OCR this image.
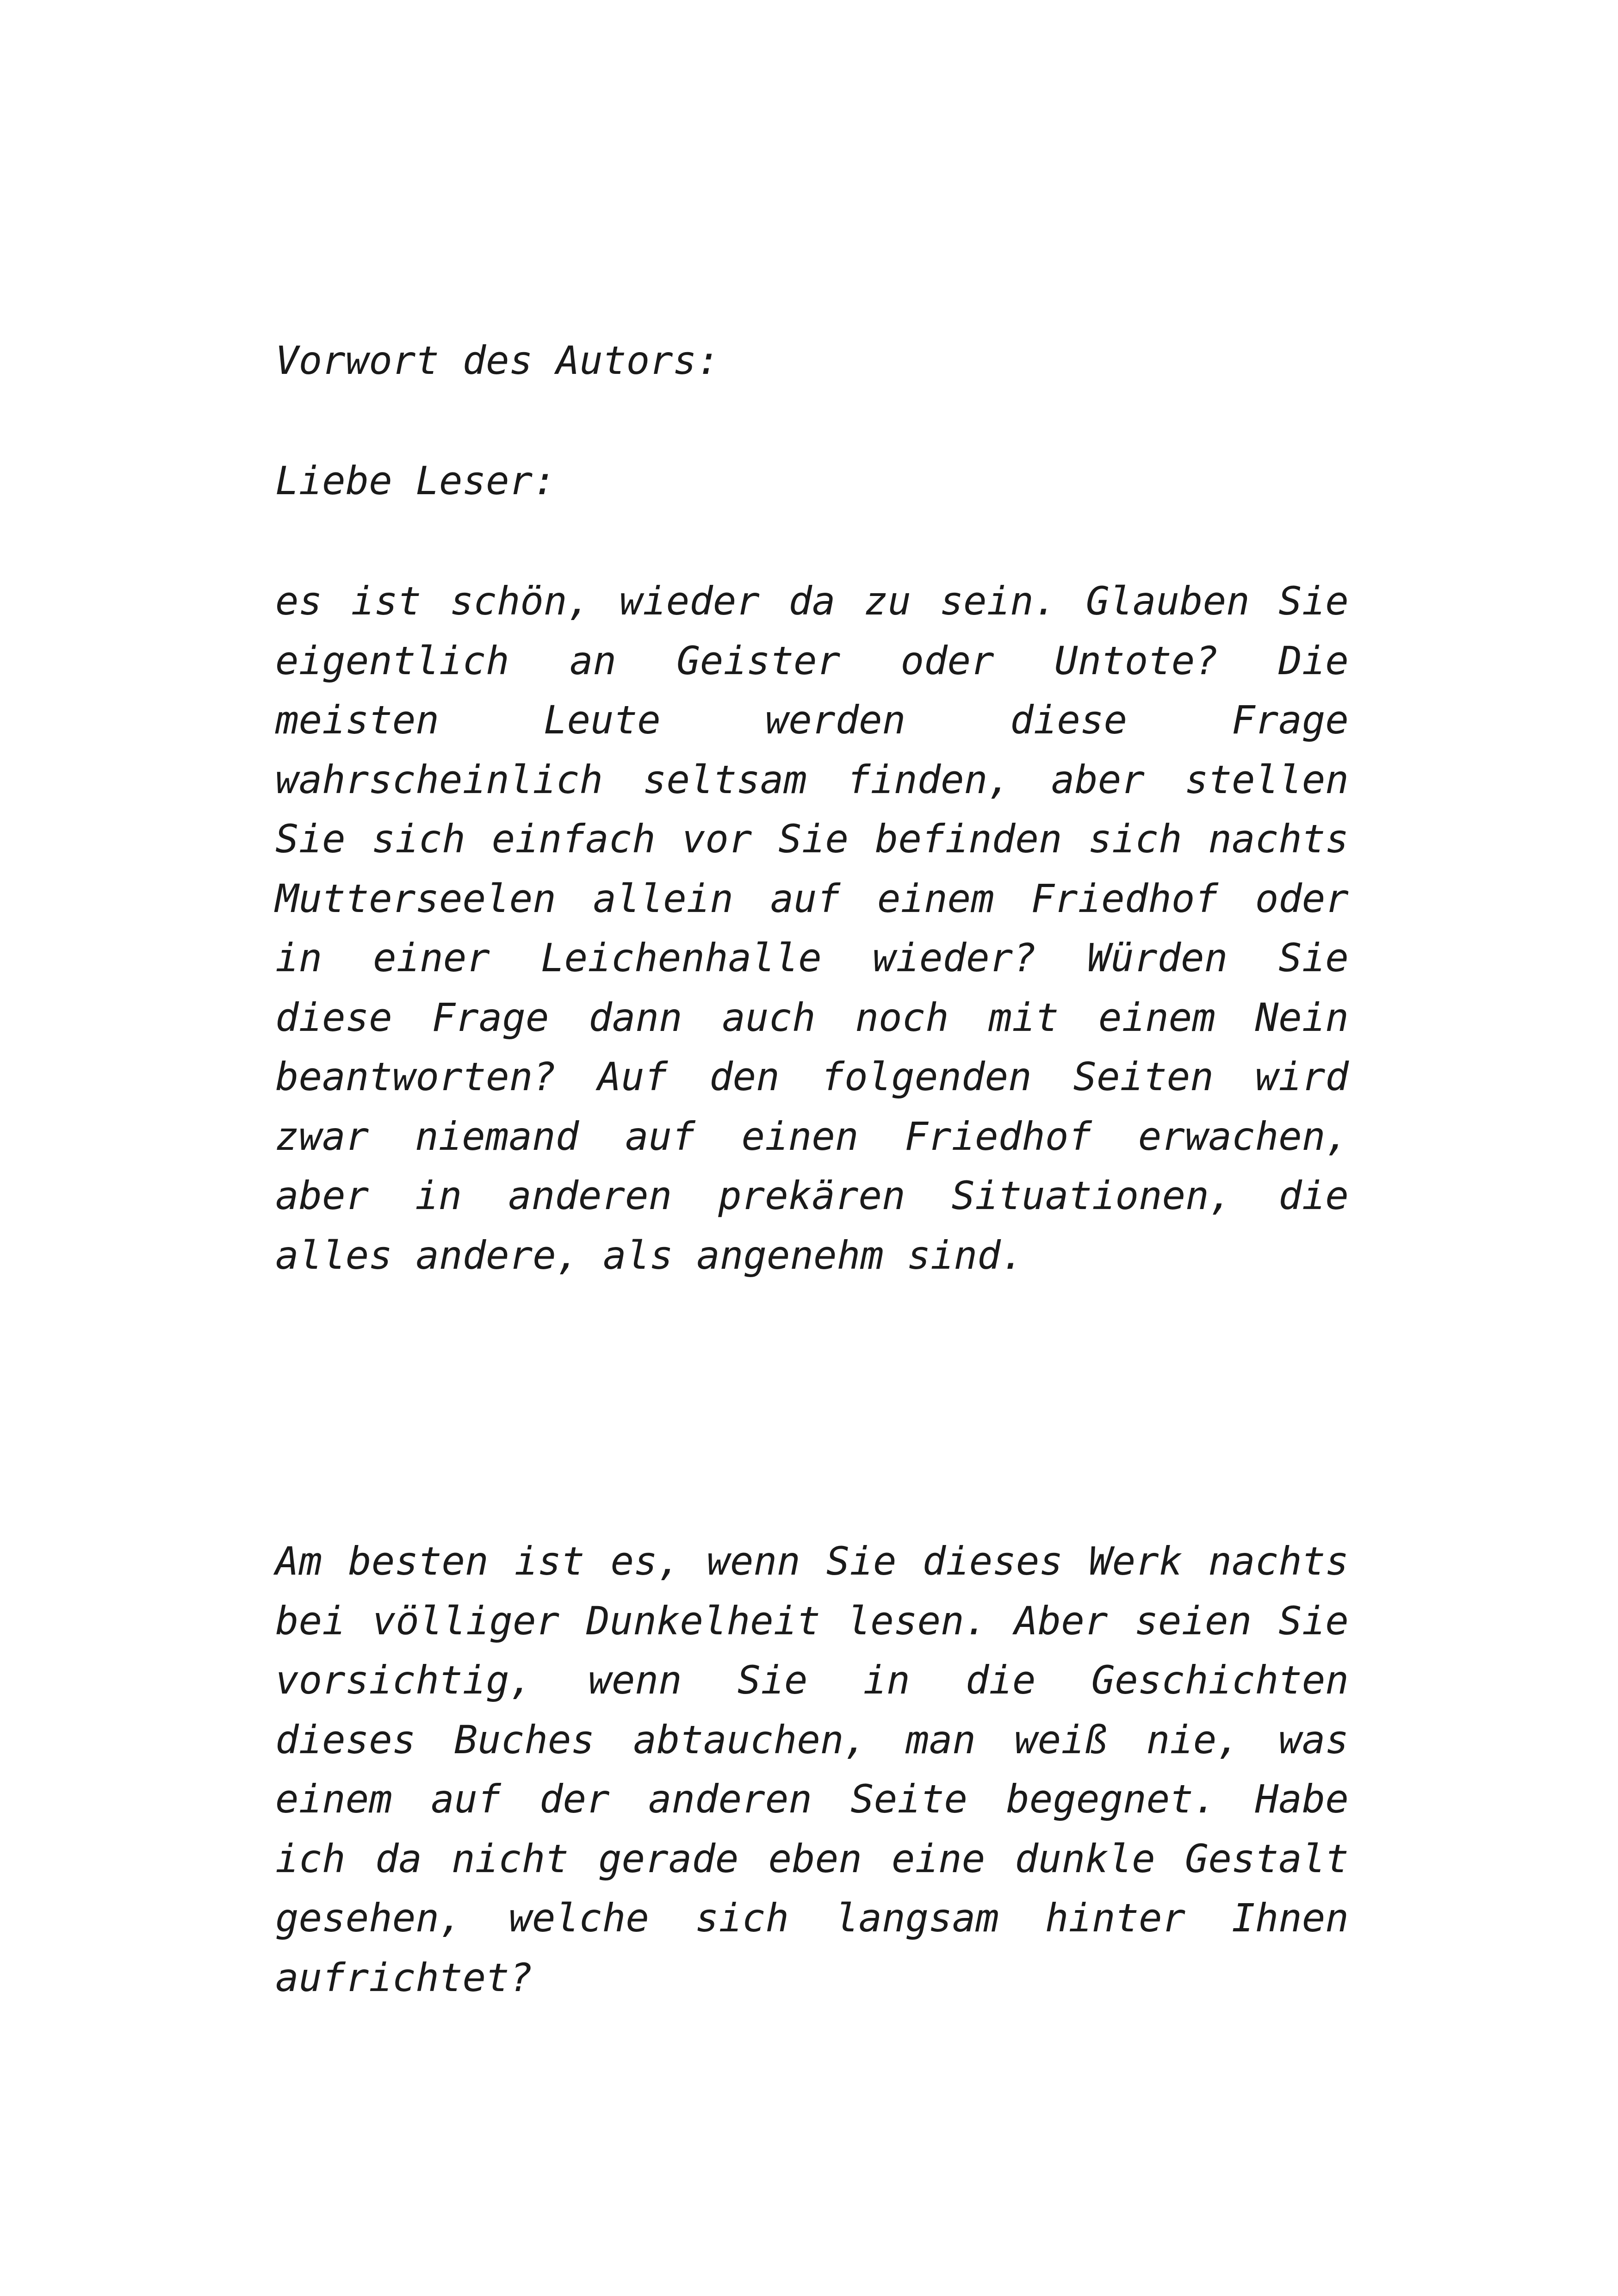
Vorwort des Autors:
Liebe Leser:
es ist schön, wieder da zu sein. Glauben Sie eigentlich an Geister oder Untote? Die meisten Leute werden diese Frage wahrscheinlich seltsam finden, aber stellen Sie sich einfach vor Sie befinden sich nachts Mutterseelen allein auf einem Friedhof oder in einer Leichenhalle wieder? Würden Sie diese Frage dann auch noch mit einem Nein beantworten? Auf den folgenden Seiten wird zwar niemand auf einen Friedhof erwachen, aber in anderen prekären Situationen, die alles andere, als angenehm sind.
Am besten ist es, wenn Sie dieses Werk nachts bei völliger Dunkelheit lesen. Aber seien Sie vorsichtig, wenn Sie in die Geschichten dieses Buches abtauchen, man weiß nie, was einem auf der anderen Seite begegnet. Habe ich da nicht gerade eben eine dunkle Gestalt gesehen, welche sich langsam hinter Ihnen aufrichtet?
